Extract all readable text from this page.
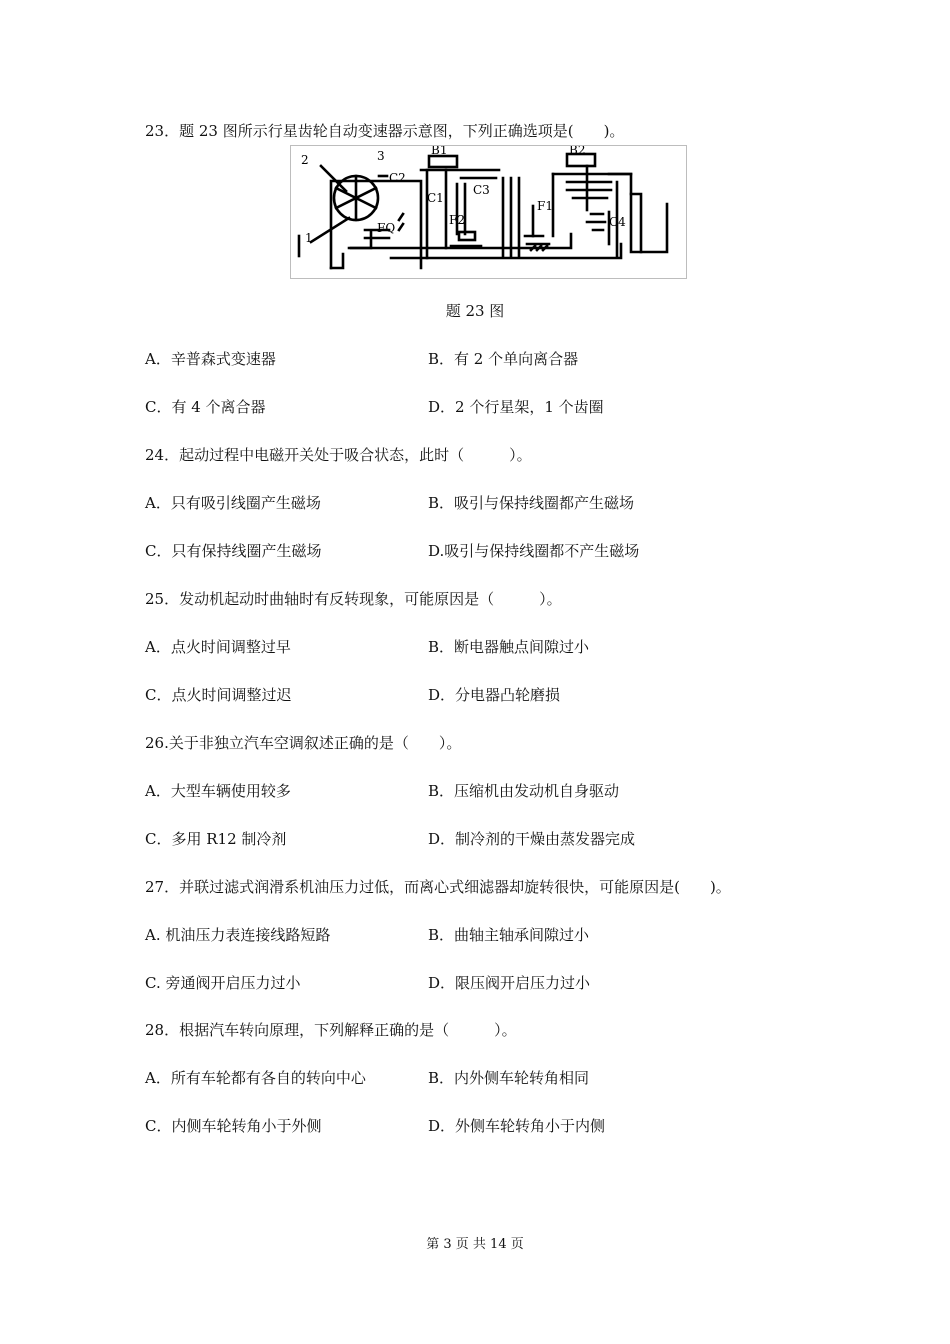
23．题 23 图所示行星齿轮自动变速器示意图，下列正确选项是(　　)。
B1	B2
2	3
C2
C1
C3
F2
F1
C4
FQ
1
题 23 图
A．辛普森式变速器	B．有 2 个单向离合器
C．有 4 个离合器	D．2 个行星架，1 个齿圈
24．起动过程中电磁开关处于吸合状态，此时（　　　）。
A．只有吸引线圈产生磁场	B．吸引与保持线圈都产生磁场
C．只有保持线圈产生磁场	D.吸引与保持线圈都不产生磁场
25．发动机起动时曲轴时有反转现象，可能原因是（　　　）。
A．点火时间调整过早	B．断电器触点间隙过小
C．点火时间调整过迟	D．分电器凸轮磨损
26.关于非独立汽车空调叙述正确的是（　　）。
A．大型车辆使用较多	B．压缩机由发动机自身驱动
C．多用 R12 制冷剂	D．制冷剂的干燥由蒸发器完成
27．并联过滤式润滑系机油压力过低，而离心式细滤器却旋转很快，可能原因是(　　)。
A. 机油压力表连接线路短路	B．曲轴主轴承间隙过小
C. 旁通阀开启压力过小	D．限压阀开启压力过小
28．根据汽车转向原理，下列解释正确的是（　　　）。
A．所有车轮都有各自的转向中心	B．内外侧车轮转角相同
C．内侧车轮转角小于外侧	D．外侧车轮转角小于内侧
第 3 页 共 14 页
